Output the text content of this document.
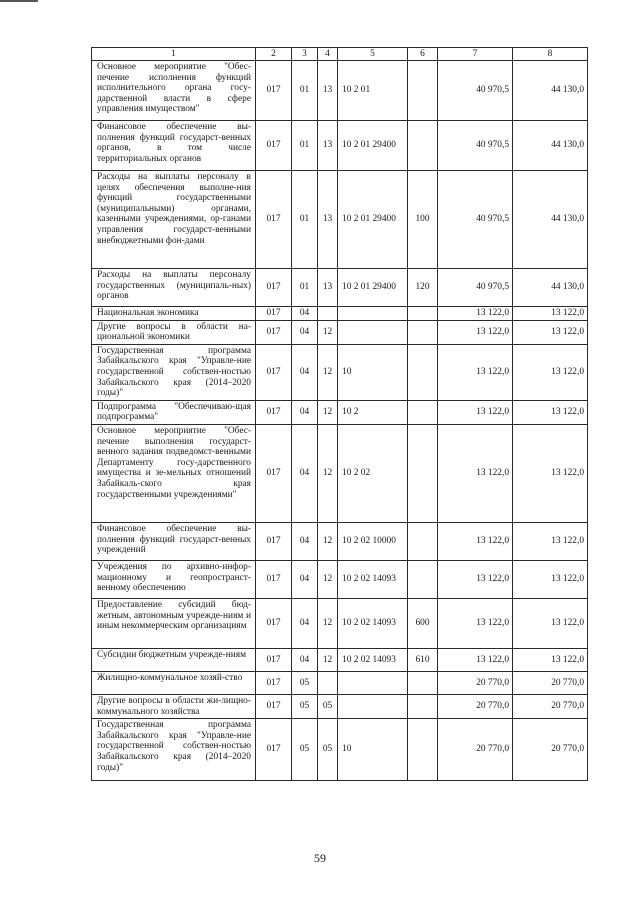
1	2	3	4	5	6	7	8
Основное мероприятие "Обес-печение исполнения функций исполнительного органа госу-дарственной власти в сфере управления имуществом"	017	01	13	10 2 01		40 970,5	44 130,0
Финансовое обеспечение вы-полнения функций государст-венных органов, в том числе территориальных органов	017	01	13	10 2 01 29400		40 970,5	44 130,0
Расходы на выплаты персоналу в целях обеспечения выполне-ния функций государственными (муниципальными) органами, казенными учреждениями, ор-ганами управления государст-венными внебюджетными фон-дами	017	01	13	10 2 01 29400	100	40 970,5	44 130,0
Расходы на выплаты персоналу государственных (муниципаль-ных) органов	017	01	13	10 2 01 29400	120	40 970,5	44 130,0
Национальная экономика	017	04				13 122,0	13 122,0
Другие вопросы в области на-циональной экономики	017	04	12			13 122,0	13 122,0
Государственная программа Забайкальского края "Управле-ние государственной собствен-ностью Забайкальского края (2014–2020 годы)"	017	04	12	10		13 122,0	13 122,0
Подпрограмма "Обеспечиваю-щая подпрограмма"	017	04	12	10 2		13 122,0	13 122,0
Основное мероприятие "Обес-печение выполнения государст-венного задания подведомст-венными Департаменту госу-дарственного имущества и зе-мельных отношений Забайкаль-ского края государственными учреждениями"	017	04	12	10 2 02		13 122,0	13 122,0
Финансовое обеспечение вы-полнения функций государст-венных учреждений	017	04	12	10 2 02 10000		13 122,0	13 122,0
Учреждения по архивно-инфор-мационному и геопространст-венному обеспечению	017	04	12	10 2 02 14093		13 122,0	13 122,0
Предоставление субсидий бюд-жетным, автономным учрежде-ниям и иным некоммерческим организациям	017	04	12	10 2 02 14093	600	13 122,0	13 122,0
Субсидии бюджетным учрежде-ниям	017	04	12	10 2 02 14093	610	13 122,0	13 122,0
Жилищно-коммунальное хозяй-ство	017	05				20 770,0	20 770,0
Другие вопросы в области жи-лищно-коммунального хозяйства	017	05	05			20 770,0	20 770,0
Государственная программа Забайкальского края "Управле-ние государственной собствен-ностью Забайкальского края (2014–2020 годы)"	017	05	05	10		20 770,0	20 770,0
59
